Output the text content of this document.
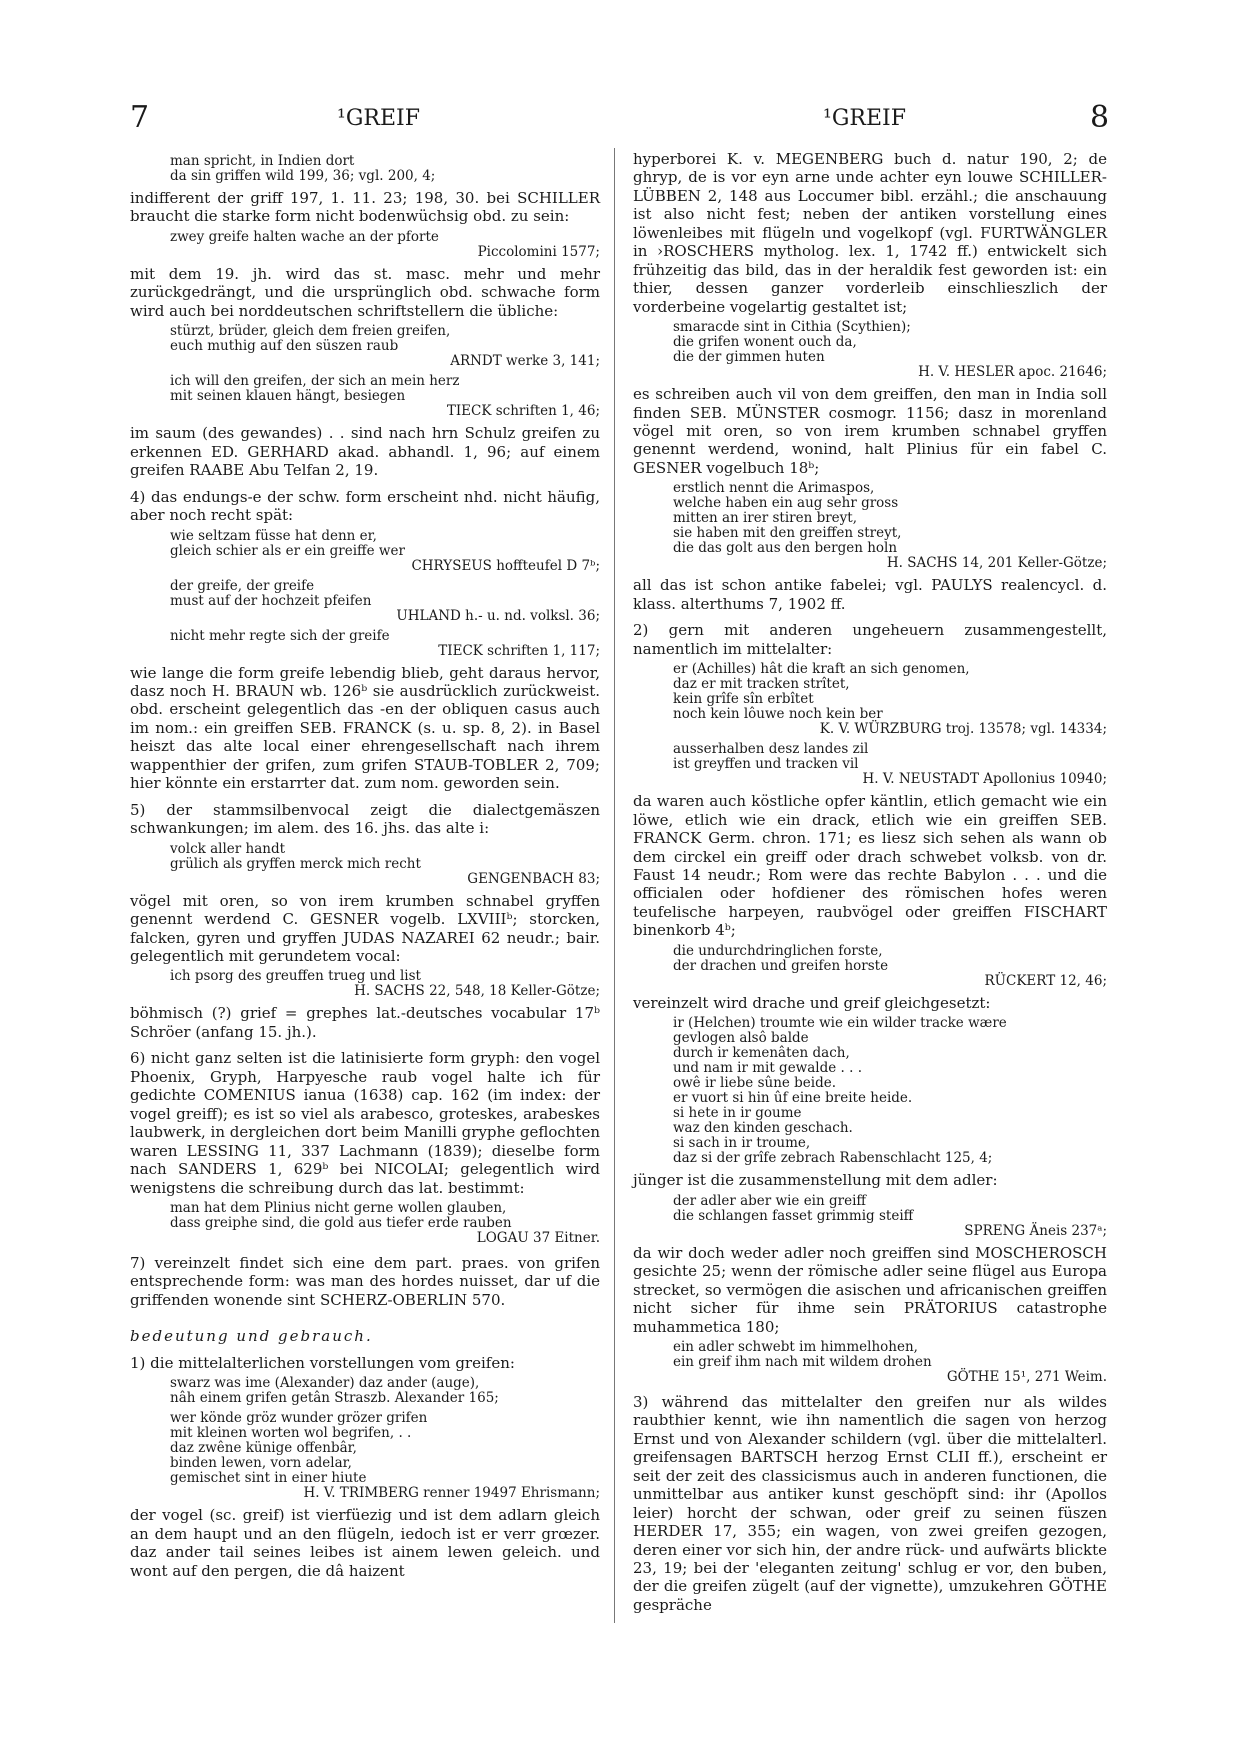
7	¹GREIF	¹GREIF	8
man spricht, in Indien dort
da sin griffen wild 199, 36; vgl. 200, 4;

indifferent der griff 197, 1. 11. 23; 198, 30. bei SCHILLER braucht die starke form nicht bodenwüchsig obd. zu sein:

zwey greife halten wache an der pforte
Piccolomini 1577;

mit dem 19. jh. wird das st. masc. mehr und mehr zurückgedrängt, und die ursprünglich obd. schwache form wird auch bei norddeutschen schriftstellern die übliche:

stürzt, brüder, gleich dem freien greifen,
euch muthig auf den süszen raub
ARNDT werke 3, 141;
ich will den greifen, der sich an mein herz
mit seinen klauen hängt, besiegen
TIECK schriften 1, 46;

im saum (des gewandes) . . sind nach hrn Schulz greifen zu erkennen ED. GERHARD akad. abhandl. 1, 96; auf einem greifen RAABE Abu Telfan 2, 19.

4) das endungs-e der schw. form erscheint nhd. nicht häufig, aber noch recht spät:

wie seltzam füsse hat denn er,
gleich schier als er ein greiffe wer
CHRYSEUS hoffteufel D 7ᵇ;
der greife, der greife
must auf der hochzeit pfeifen
UHLAND h.- u. nd. volksl. 36;
nicht mehr regte sich der greife
TIECK schriften 1, 117;

wie lange die form greife lebendig blieb, geht daraus hervor, dasz noch H. BRAUN wb. 126ᵇ sie ausdrücklich zurückweist. obd. erscheint gelegentlich das -en der obliquen casus auch im nom.: ein greiffen SEB. FRANCK (s. u. sp. 8, 2). in Basel heiszt das alte local einer ehrengesellschaft nach ihrem wappenthier der grifen, zum grifen STAUB-TOBLER 2, 709; hier könnte ein erstarrter dat. zum nom. geworden sein.

5) der stammsilbenvocal zeigt die dialectgemäszen schwankungen; im alem. des 16. jhs. das alte i:

volck aller handt
grülich als gryffen merck mich recht
GENGENBACH 83;

vögel mit oren, so von irem krumben schnabel gryffen genennt werdend C. GESNER vogelb. LXVIIIᵇ; storcken, falcken, gyren und gryffen JUDAS NAZAREI 62 neudr.; bair. gelegentlich mit gerundetem vocal:

ich psorg des greuffen trueg und list
H. SACHS 22, 548, 18 Keller-Götze;

böhmisch (?) grief = grephes lat.-deutsches vocabular 17ᵇ Schröer (anfang 15. jh.).

6) nicht ganz selten ist die latinisierte form gryph: den vogel Phoenix, Gryph, Harpyesche raub vogel halte ich für gedichte COMENIUS ianua (1638) cap. 162 (im index: der vogel greiff); es ist so viel als arabesco, groteskes, arabeskes laubwerk, in dergleichen dort beim Manilli gryphe geflochten waren LESSING 11, 337 Lachmann (1839); dieselbe form nach SANDERS 1, 629ᵇ bei NICOLAI; gelegentlich wird wenigstens die schreibung durch das lat. bestimmt:

man hat dem Plinius nicht gerne wollen glauben,
dass greiphe sind, die gold aus tiefer erde rauben
LOGAU 37 Eitner.

7) vereinzelt findet sich eine dem part. praes. von grifen entsprechende form: was man des hordes nuisset, dar uf die griffenden wonende sint SCHERZ-OBERLIN 570.

bedeutung und gebrauch.

1) die mittelalterlichen vorstellungen vom greifen:

swarz was ime (Alexander) daz ander (auge),
nâh einem grifen getân Straszb. Alexander 165;
wer könde gröz wunder grözer grifen
mit kleinen worten wol begrifen, . .
daz zwêne künige offenbâr,
binden lewen, vorn adelar,
gemischet sint in einer hiute
H. V. TRIMBERG renner 19497 Ehrismann;

der vogel (sc. greif) ist vierfüezig und ist dem adlarn gleich an dem haupt und an den flügeln, iedoch ist er verr grœzer. daz ander tail seines leibes ist ainem lewen geleich. und wont auf den pergen, die dâ haizent

hyperborei K. v. MEGENBERG buch d. natur 190, 2; de ghryp, de is vor eyn arne unde achter eyn louwe SCHILLER-LÜBBEN 2, 148 aus Loccumer bibl. erzähl.; die anschauung ist also nicht fest; neben der antiken vorstellung eines löwenleibes mit flügeln und vogelkopf (vgl. FURTWÄNGLER in ›ROSCHERS mytholog. lex. 1, 1742 ff.) entwickelt sich frühzeitig das bild, das in der heraldik fest geworden ist: ein thier, dessen ganzer vorderleib einschlieszlich der vorderbeine vogelartig gestaltet ist;

smaracde sint in Cithia (Scythien);
die grifen wonent ouch da,
die der gimmen huten
H. V. HESLER apoc. 21646;

es schreiben auch vil von dem greiffen, den man in India soll finden SEB. MÜNSTER cosmogr. 1156; dasz in morenland vögel mit oren, so von irem krumben schnabel gryffen genennt werdend, wonind, halt Plinius für ein fabel C. GESNER vogelbuch 18ᵇ;

erstlich nennt die Arimaspos,
welche haben ein aug sehr gross
mitten an irer stiren breyt,
sie haben mit den greiffen streyt,
die das golt aus den bergen holn
H. SACHS 14, 201 Keller-Götze;

all das ist schon antike fabelei; vgl. PAULYS realencycl. d. klass. alterthums 7, 1902 ff.

2) gern mit anderen ungeheuern zusammengestellt, namentlich im mittelalter:

er (Achilles) hât die kraft an sich genomen,
daz er mit tracken strîtet,
kein grîfe sîn erbîtet
noch kein lôuwe noch kein ber
K. V. WÜRZBURG troj. 13578; vgl. 14334;
ausserhalben desz landes zil
ist greyffen und tracken vil
H. V. NEUSTADT Apollonius 10940;

da waren auch köstliche opfer käntlin, etlich gemacht wie ein löwe, etlich wie ein drack, etlich wie ein greiffen SEB. FRANCK Germ. chron. 171; es liesz sich sehen als wann ob dem circkel ein greiff oder drach schwebet volksb. von dr. Faust 14 neudr.; Rom were das rechte Babylon . . . und die officialen oder hofdiener des römischen hofes weren teufelische harpeyen, raubvögel oder greiffen FISCHART binenkorb 4ᵇ;

die undurchdringlichen forste,
der drachen und greifen horste
RÜCKERT 12, 46;

vereinzelt wird drache und greif gleichgesetzt:

ir (Helchen) troumte wie ein wilder tracke wære
gevlogen alsô balde
durch ir kemenâten dach,
und nam ir mit gewalde . . .
owê ir liebe sûne beide.
er vuort si hin ûf eine breite heide.
si hete in ir goume
waz den kinden geschach.
si sach in ir troume,
daz si der grîfe zebrach Rabenschlacht 125, 4;

jünger ist die zusammenstellung mit dem adler:

der adler aber wie ein greiff
die schlangen fasset grimmig steiff
SPRENG Äneis 237ᵃ;

da wir doch weder adler noch greiffen sind MOSCHEROSCH gesichte 25; wenn der römische adler seine flügel aus Europa strecket, so vermögen die asischen und africanischen greiffen nicht sicher für ihme sein PRÄTORIUS catastrophe muhammetica 180;

ein adler schwebt im himmelhohen,
ein greif ihm nach mit wildem drohen
GÖTHE 15¹, 271 Weim.

3) während das mittelalter den greifen nur als wildes raubthier kennt, wie ihn namentlich die sagen von herzog Ernst und von Alexander schildern (vgl. über die mittelalterl. greifensagen BARTSCH herzog Ernst CLII ff.), erscheint er seit der zeit des classicismus auch in anderen functionen, die unmittelbar aus antiker kunst geschöpft sind: ihr (Apollos leier) horcht der schwan, oder greif zu seinen füszen HERDER 17, 355; ein wagen, von zwei greifen gezogen, deren einer vor sich hin, der andre rück- und aufwärts blickte 23, 19; bei der 'eleganten zeitung' schlug er vor, den buben, der die greifen zügelt (auf der vignette), umzukehren GÖTHE gespräche
